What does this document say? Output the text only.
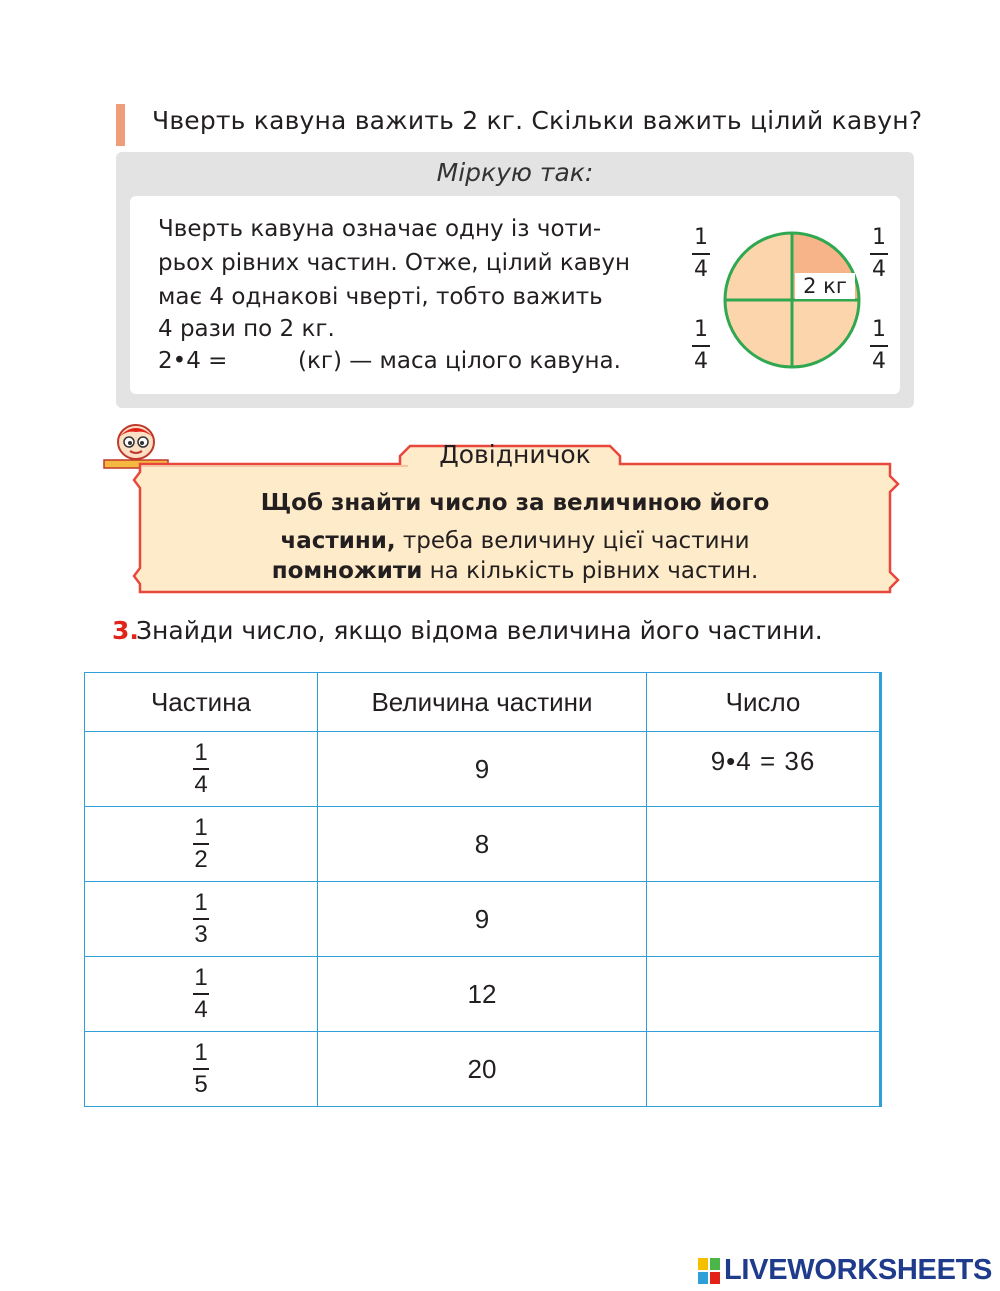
Чверть кавуна важить 2 кг. Скільки важить цілий кавун?
Міркую так:
Чверть кавуна означає одну із чоти-
рьох рівних частин. Отже, цілий кавун
має 4 однакові чверті, тобто важить
4 рази по 2 кг.
2•4 =	(кг) — маса цілого кавуна.
1
4
1
4
1
4
1
4
2 кг
Довідничок
Щоб знайти число за величиною його
частини, треба величину цієї частини
помножити на кількість рівних частин.
3.
Знайди число, якщо відома величина його частини.
Частина	Величина частини	Число
$\frac{1}{4}$	9	9•4 = 36
$\frac{1}{2}$	8	
$\frac{1}{3}$	9	
$\frac{1}{4}$	12	
$\frac{1}{5}$	20	
LIVEWORKSHEETS
